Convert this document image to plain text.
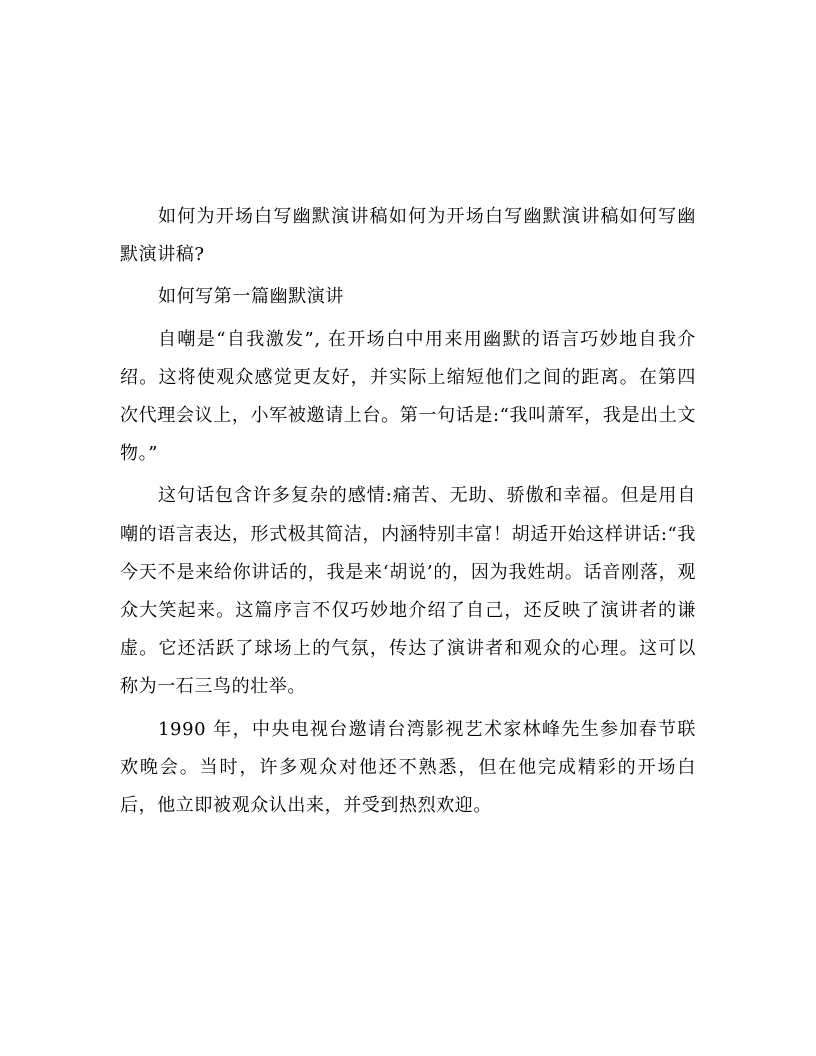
如何为开场白写幽默演讲稿如何为开场白写幽默演讲稿如何写幽默演讲稿?

如何写第一篇幽默演讲

自嘲是“自我激发”, 在开场白中用来用幽默的语言巧妙地自我介绍。这将使观众感觉更友好，并实际上缩短他们之间的距离。在第四次代理会议上，小军被邀请上台。第一句话是:“我叫萧军，我是出土文物。”

这句话包含许多复杂的感情:痛苦、无助、骄傲和幸福。但是用自嘲的语言表达，形式极其简洁，内涵特别丰富！胡适开始这样讲话:“我今天不是来给你讲话的，我是来‘胡说’的，因为我姓胡。话音刚落，观众大笑起来。这篇序言不仅巧妙地介绍了自己，还反映了演讲者的谦虚。它还活跃了球场上的气氛，传达了演讲者和观众的心理。这可以称为一石三鸟的壮举。

1990 年，中央电视台邀请台湾影视艺术家林峰先生参加春节联欢晚会。当时，许多观众对他还不熟悉，但在他完成精彩的开场白后，他立即被观众认出来，并受到热烈欢迎。
